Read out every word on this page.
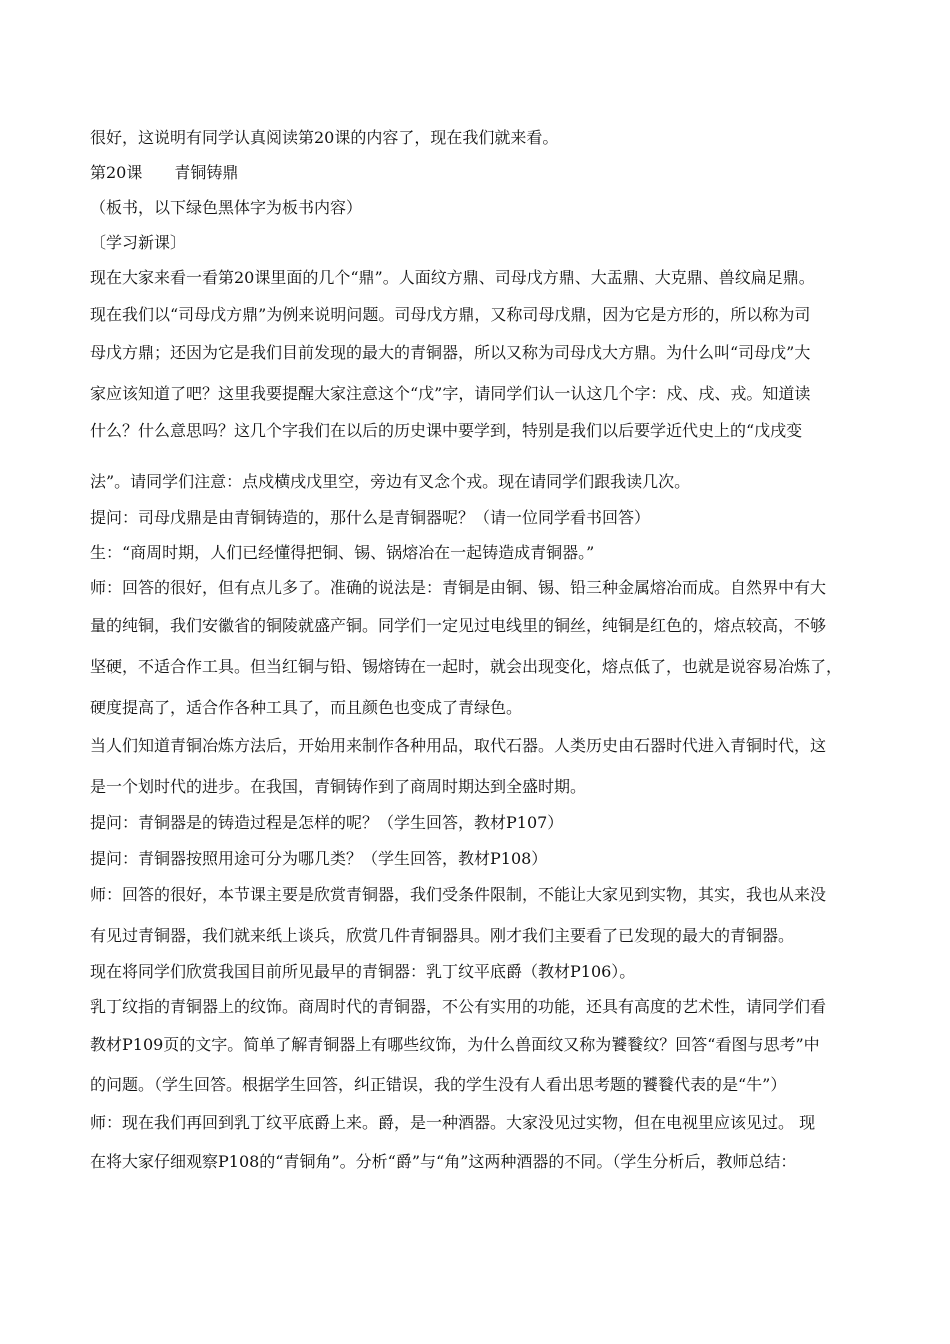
很好，这说明有同学认真阅读第20课的内容了，现在我们就来看。
第20课　　青铜铸鼎
（板书，以下绿色黑体字为板书内容）
〔学习新课〕
现在大家来看一看第20课里面的几个“鼎”。人面纹方鼎、司母戊方鼎、大盂鼎、大克鼎、兽纹扁足鼎。
现在我们以“司母戊方鼎”为例来说明问题。司母戊方鼎，又称司母戊鼎，因为它是方形的，所以称为司
母戊方鼎；还因为它是我们目前发现的最大的青铜器，所以又称为司母戊大方鼎。为什么叫“司母戊”大
家应该知道了吧？这里我要提醒大家注意这个“戊”字，请同学们认一认这几个字：戍、戌、戎。知道读
什么？什么意思吗？这几个字我们在以后的历史课中要学到，特别是我们以后要学近代史上的“戊戌变
法”。请同学们注意：点戍横戌戊里空，旁边有叉念个戎。现在请同学们跟我读几次。
提问：司母戊鼎是由青铜铸造的，那什么是青铜器呢？（请一位同学看书回答）
生：“商周时期，人们已经懂得把铜、锡、锅熔冶在一起铸造成青铜器。”
师：回答的很好，但有点儿多了。准确的说法是：青铜是由铜、锡、铅三种金属熔冶而成。自然界中有大
量的纯铜，我们安徽省的铜陵就盛产铜。同学们一定见过电线里的铜丝，纯铜是红色的，熔点较高，不够
坚硬，不适合作工具。但当红铜与铅、锡熔铸在一起时，就会出现变化，熔点低了，也就是说容易冶炼了，
硬度提高了，适合作各种工具了，而且颜色也变成了青绿色。
当人们知道青铜冶炼方法后，开始用来制作各种用品，取代石器。人类历史由石器时代进入青铜时代，这
是一个划时代的进步。在我国，青铜铸作到了商周时期达到全盛时期。
提问：青铜器是的铸造过程是怎样的呢？（学生回答，教材P107）
提问：青铜器按照用途可分为哪几类？（学生回答，教材P108）
师：回答的很好，本节课主要是欣赏青铜器，我们受条件限制，不能让大家见到实物，其实，我也从来没
有见过青铜器，我们就来纸上谈兵，欣赏几件青铜器具。刚才我们主要看了已发现的最大的青铜器。
现在将同学们欣赏我国目前所见最早的青铜器：乳丁纹平底爵（教材P106）。
乳丁纹指的青铜器上的纹饰。商周时代的青铜器，不公有实用的功能，还具有高度的艺术性，请同学们看
教材P109页的文字。简单了解青铜器上有哪些纹饰，为什么兽面纹又称为饕餮纹？回答“看图与思考”中
的问题。（学生回答。根据学生回答，纠正错误，我的学生没有人看出思考题的饕餮代表的是“牛”）
师：现在我们再回到乳丁纹平底爵上来。爵，是一种酒器。大家没见过实物，但在电视里应该见过。 现
在将大家仔细观察P108的“青铜角”。分析“爵”与“角”这两种酒器的不同。（学生分析后，教师总结：
